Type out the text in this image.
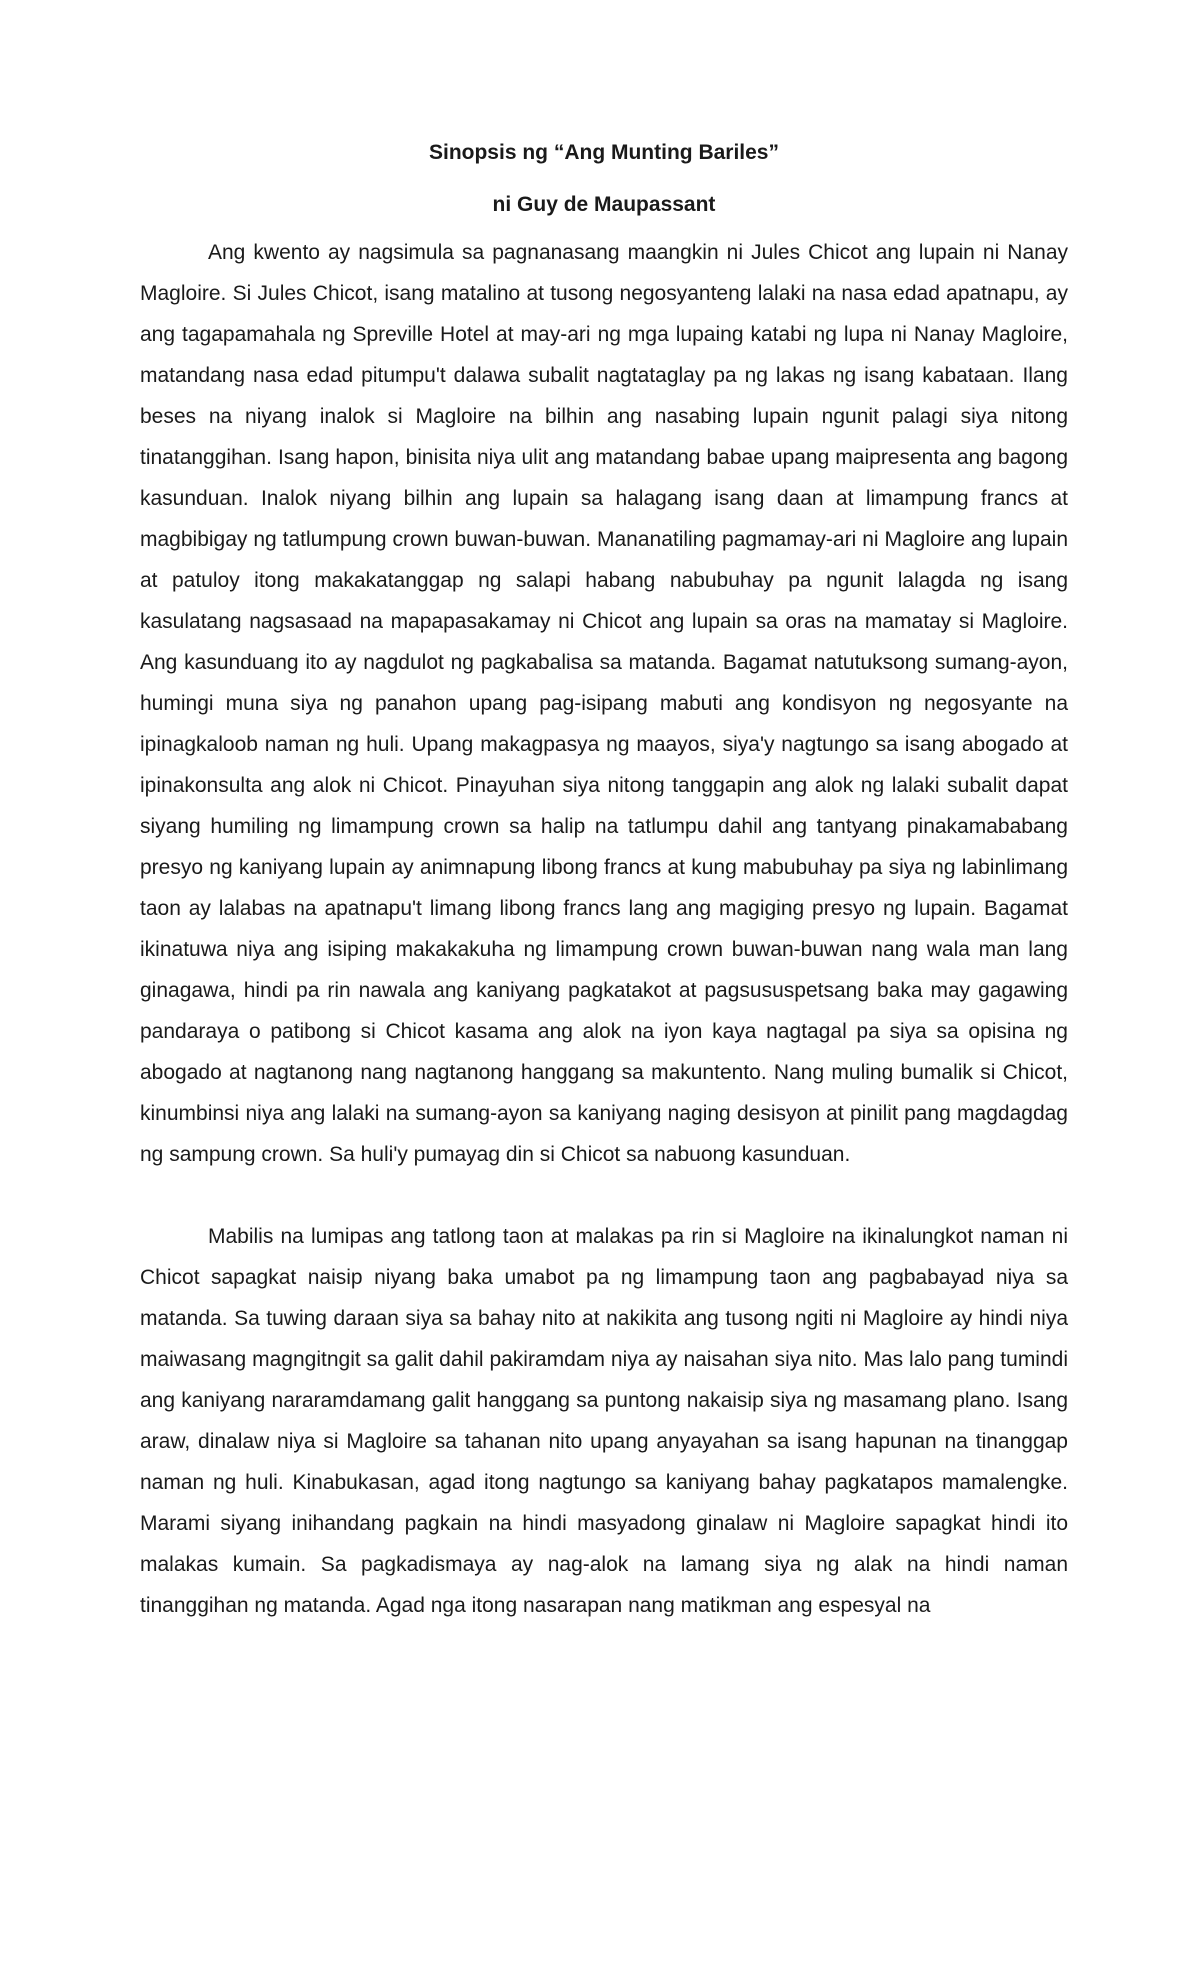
Sinopsis ng “Ang Munting Bariles”
ni Guy de Maupassant

Ang kwento ay nagsimula sa pagnanasang maangkin ni Jules Chicot ang lupain ni Nanay Magloire. Si Jules Chicot, isang matalino at tusong negosyanteng lalaki na nasa edad apatnapu, ay ang tagapamahala ng Spreville Hotel at may-ari ng mga lupaing katabi ng lupa ni Nanay Magloire, matandang nasa edad pitumpu't dalawa subalit nagtataglay pa ng lakas ng isang kabataan. Ilang beses na niyang inalok si Magloire na bilhin ang nasabing lupain ngunit palagi siya nitong tinatanggihan. Isang hapon, binisita niya ulit ang matandang babae upang maipresenta ang bagong kasunduan. Inalok niyang bilhin ang lupain sa halagang isang daan at limampung francs at magbibigay ng tatlumpung crown buwan-buwan. Mananatiling pagmamay-ari ni Magloire ang lupain at patuloy itong makakatanggap ng salapi habang nabubuhay pa ngunit lalagda ng isang kasulatang nagsasaad na mapapasakamay ni Chicot ang lupain sa oras na mamatay si Magloire. Ang kasunduang ito ay nagdulot ng pagkabalisa sa matanda. Bagamat natutuksong sumang-ayon, humingi muna siya ng panahon upang pag-isipang mabuti ang kondisyon ng negosyante na ipinagkaloob naman ng huli. Upang makagpasya ng maayos, siya'y nagtungo sa isang abogado at ipinakonsulta ang alok ni Chicot. Pinayuhan siya nitong tanggapin ang alok ng lalaki subalit dapat siyang humiling ng limampung crown sa halip na tatlumpu dahil ang tantyang pinakamababang presyo ng kaniyang lupain ay animnapung libong francs at kung mabubuhay pa siya ng labinlimang taon ay lalabas na apatnapu't limang libong francs lang ang magiging presyo ng lupain. Bagamat ikinatuwa niya ang isiping makakakuha ng limampung crown buwan-buwan nang wala man lang ginagawa, hindi pa rin nawala ang kaniyang pagkatakot at pagsususpetsang baka may gagawing pandaraya o patibong si Chicot kasama ang alok na iyon kaya nagtagal pa siya sa opisina ng abogado at nagtanong nang nagtanong hanggang sa makuntento. Nang muling bumalik si Chicot, kinumbinsi niya ang lalaki na sumang-ayon sa kaniyang naging desisyon at pinilit pang magdagdag ng sampung crown. Sa huli'y pumayag din si Chicot sa nabuong kasunduan.

Mabilis na lumipas ang tatlong taon at malakas pa rin si Magloire na ikinalungkot naman ni Chicot sapagkat naisip niyang baka umabot pa ng limampung taon ang pagbabayad niya sa matanda. Sa tuwing daraan siya sa bahay nito at nakikita ang tusong ngiti ni Magloire ay hindi niya maiwasang magngitngit sa galit dahil pakiramdam niya ay naisahan siya nito. Mas lalo pang tumindi ang kaniyang nararamdamang galit hanggang sa puntong nakaisip siya ng masamang plano. Isang araw, dinalaw niya si Magloire sa tahanan nito upang anyayahan sa isang hapunan na tinanggap naman ng huli. Kinabukasan, agad itong nagtungo sa kaniyang bahay pagkatapos mamalengke. Marami siyang inihandang pagkain na hindi masyadong ginalaw ni Magloire sapagkat hindi ito malakas kumain. Sa pagkadismaya ay nag-alok na lamang siya ng alak na hindi naman tinanggihan ng matanda. Agad nga itong nasarapan nang matikman ang espesyal na
